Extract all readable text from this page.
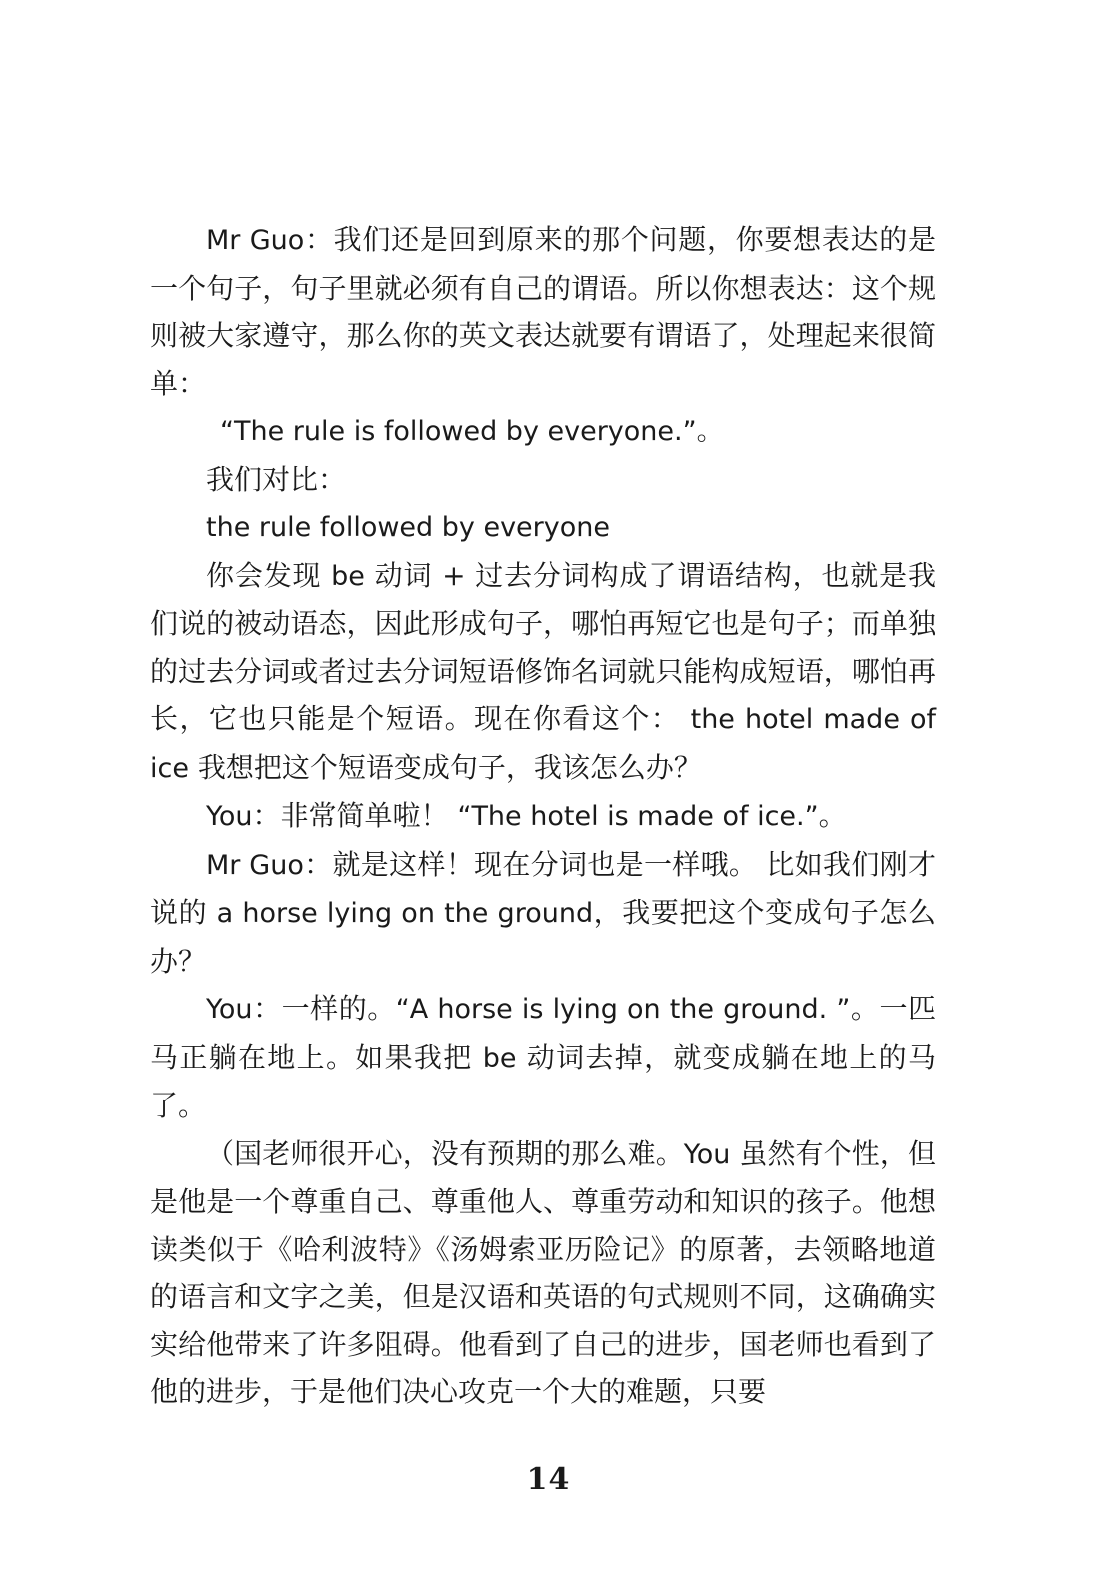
Mr Guo：我们还是回到原来的那个问题，你要想表达的是一个句子，句子里就必须有自己的谓语。所以你想表达：这个规则被大家遵守，那么你的英文表达就要有谓语了，处理起来很简单：

“The rule is followed by everyone.”。

我们对比：

the rule followed by everyone

你会发现 be 动词 + 过去分词构成了谓语结构，也就是我们说的被动语态，因此形成句子，哪怕再短它也是句子；而单独的过去分词或者过去分词短语修饰名词就只能构成短语，哪怕再长，它也只能是个短语。现在你看这个： the hotel made of ice 我想把这个短语变成句子，我该怎么办？

You：非常简单啦！ “The hotel is made of ice.”。

Mr Guo：就是这样！现在分词也是一样哦。 比如我们刚才说的 a horse lying on the ground，我要把这个变成句子怎么办？

You：一样的。“A horse is lying on the ground. ”。一匹马正躺在地上。如果我把 be 动词去掉，就变成躺在地上的马了。

（国老师很开心，没有预期的那么难。You 虽然有个性，但是他是一个尊重自己、尊重他人、尊重劳动和知识的孩子。他想读类似于《哈利波特》《汤姆索亚历险记》的原著，去领略地道的语言和文字之美，但是汉语和英语的句式规则不同，这确确实实给他带来了许多阻碍。他看到了自己的进步，国老师也看到了他的进步，于是他们决心攻克一个大的难题，只要

14
